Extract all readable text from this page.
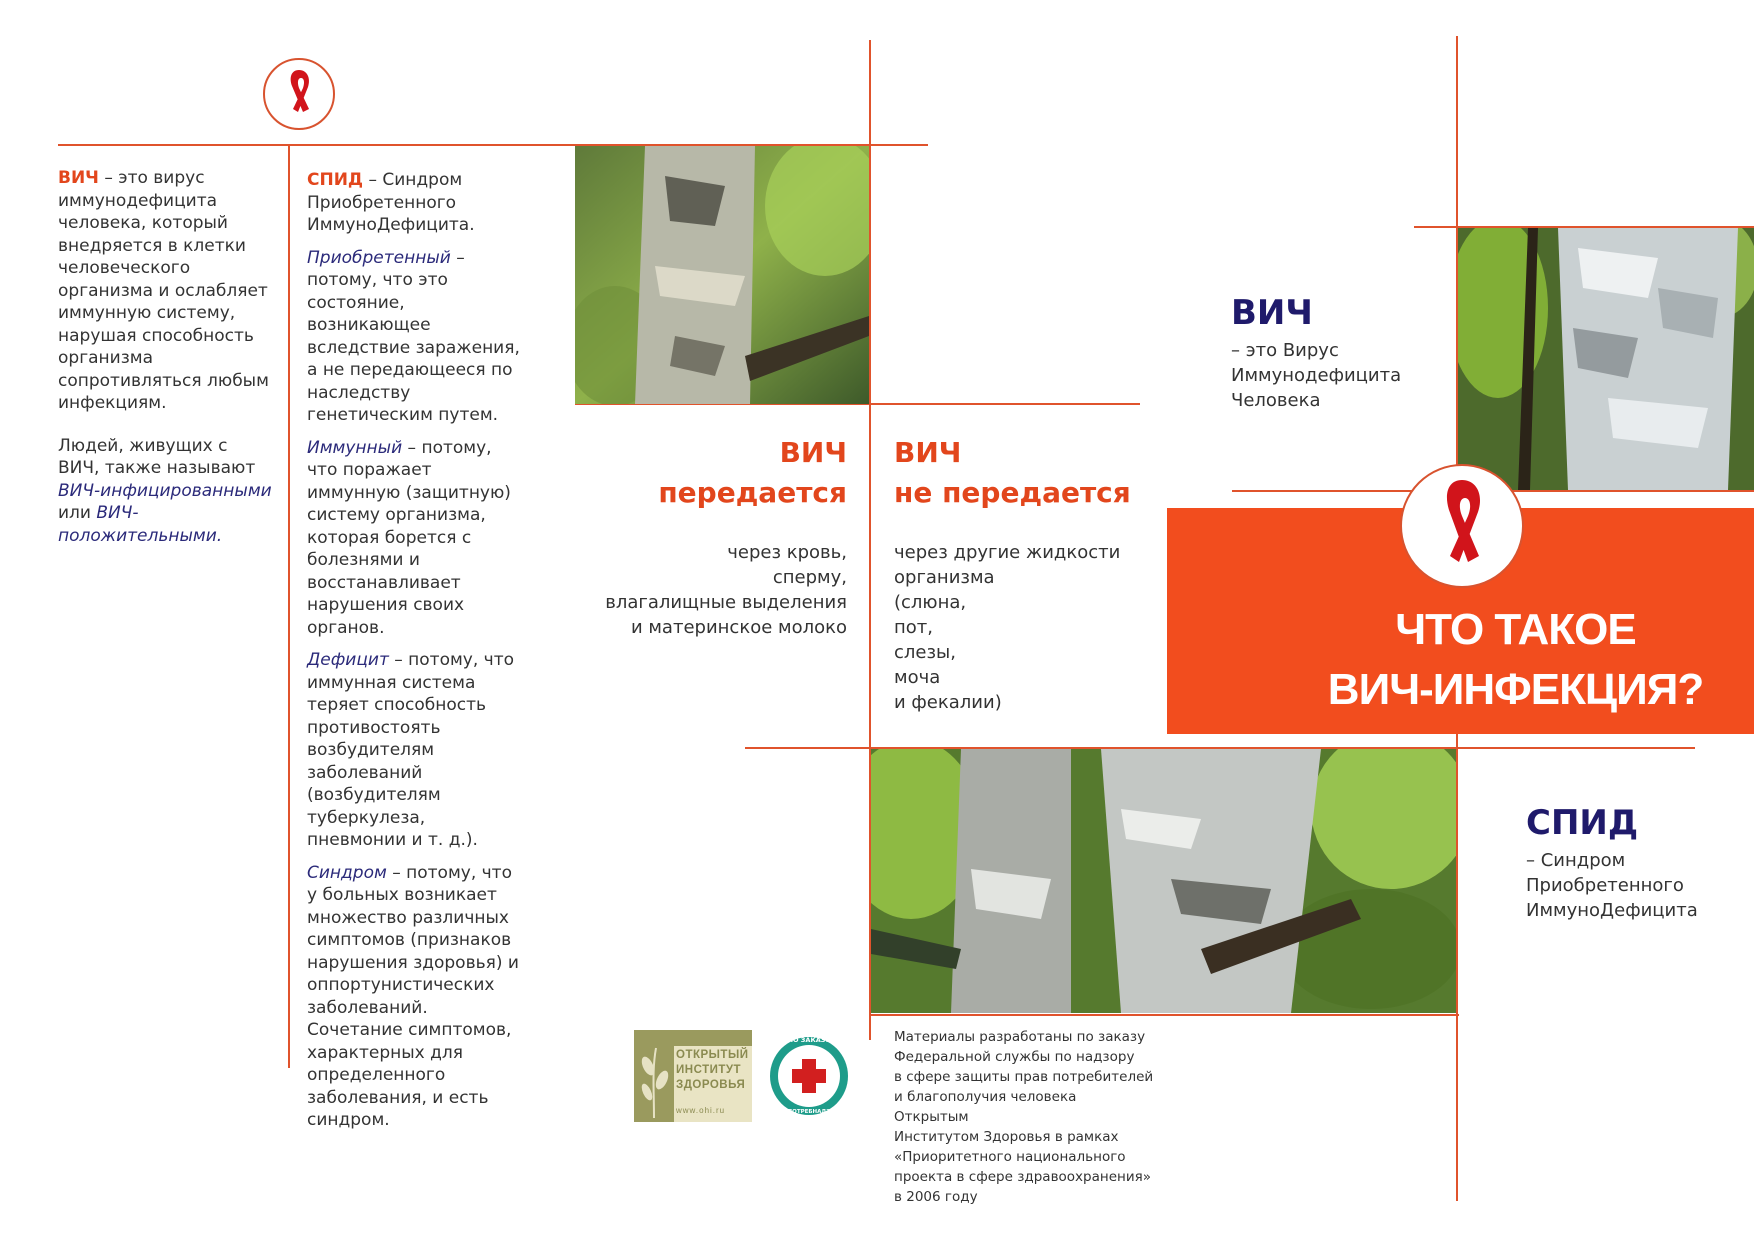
ВИЧ – это вирус иммунодефицита человека, который внедряется в клетки человеческого организма и ослабляет иммунную систему, нарушая способность организма сопротивляться любым инфекциям.

Людей, живущих с ВИЧ, также называют ВИЧ-инфицированными или ВИЧ-положительными.

СПИД – Синдром Приобретенного ИммуноДефицита.

Приобретенный – потому, что это состояние, возникающее вследствие заражения, а не передающееся по наследству генетическим путем.

Иммунный – потому, что поражает иммунную (защитную) систему организма, которая борется с болезнями и восстанавливает нарушения своих органов.

Дефицит – потому, что иммунная система теряет способность противостоять возбудителям заболеваний (возбудителям туберкулеза, пневмонии и т. д.).

Синдром – потому, что у больных возникает множество различных симптомов (признаков нарушения здоровья) и оппортунистических заболеваний. Сочетание симптомов, характерных для определенного заболевания, и есть синдром.

ВИЧ
передается
через кровь,
сперму,
влагалищные выделения
и материнское молоко
ВИЧ
не передается
через другие жидкости
организма
(слюна,
пот,
слезы,
моча
и фекалии)
ВИЧ
– это Вирус
Иммунодефицита
Человека
ЧТО ТАКОЕ
ВИЧ-ИНФЕКЦИЯ?
СПИД
– Синдром
Приобретенного
ИммуноДефицита
ОТКРЫТЫЙ
ИНСТИТУТ
ЗДОРОВЬЯ
www.ohi.ru
ПО ЗАКАЗУ
РОСПОТРЕБНАДЗОРА
Материалы разработаны по заказу
Федеральной службы по надзору
в сфере защиты прав потребителей
и благополучия человека Открытым
Институтом Здоровья в рамках
«Приоритетного национального
проекта в сфере здравоохранения»
в 2006 году
